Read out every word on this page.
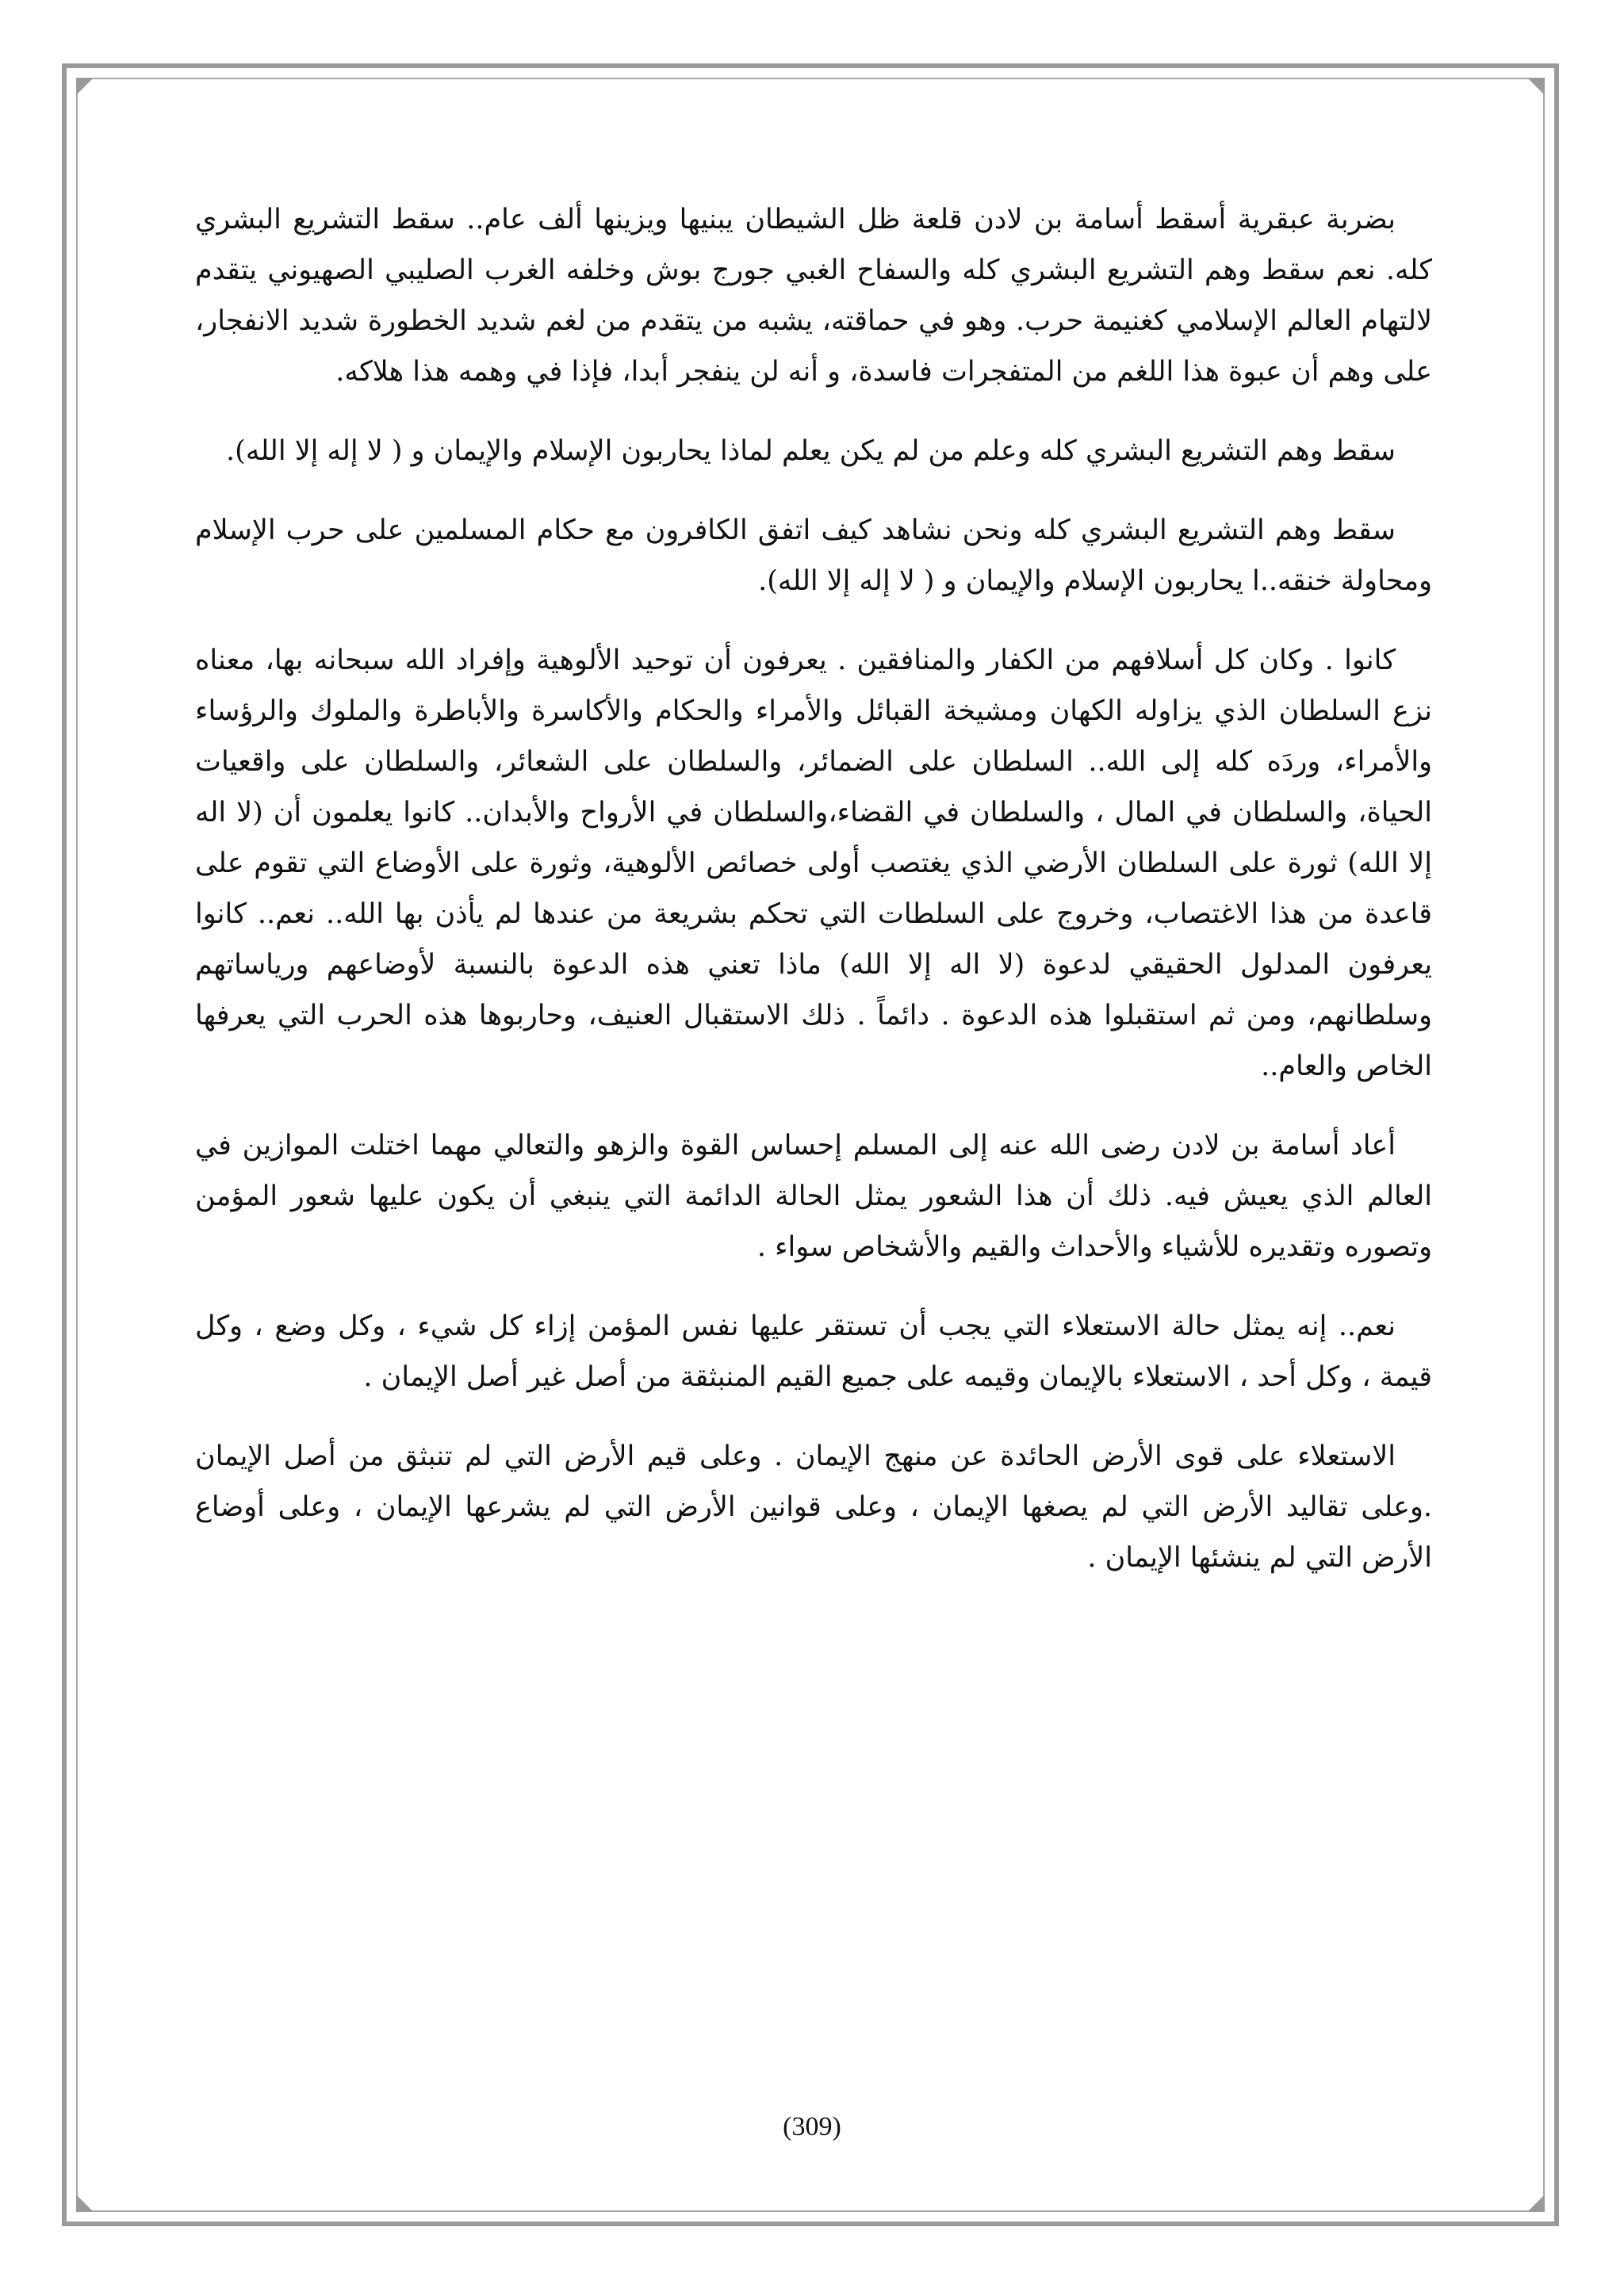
بضربة عبقرية أسقط أسامة بن لادن قلعة ظل الشيطان يبنيها ويزينها ألف عام.. سقط التشريع البشري كله. نعم سقط وهم التشريع البشري كله والسفاح الغبي جورج بوش وخلفه الغرب الصليبي الصهيوني يتقدم لالتهام العالم الإسلامي كغنيمة حرب. وهو في حماقته، يشبه من يتقدم من لغم شديد الخطورة شديد الانفجار، على وهم أن عبوة هذا اللغم من المتفجرات فاسدة، و أنه لن ينفجر أبدا، فإذا في وهمه هذا هلاكه.

سقط وهم التشريع البشري كله وعلم من لم يكن يعلم لماذا يحاربون الإسلام والإيمان و ( لا إله إلا الله).

سقط وهم التشريع البشري كله ونحن نشاهد كيف اتفق الكافرون مع حكام المسلمين على حرب الإسلام ومحاولة خنقه..ا يحاربون الإسلام والإيمان و ( لا إله إلا الله).

كانوا . وكان كل أسلافهم من الكفار والمنافقين . يعرفون أن توحيد الألوهية وإفراد الله سبحانه بها، معناه نزع السلطان الذي يزاوله الكهان ومشيخة القبائل والأمراء والحكام والأكاسرة والأباطرة والملوك والرؤساء والأمراء، وردَه كله إلى الله.. السلطان على الضمائر، والسلطان على الشعائر، والسلطان على واقعيات الحياة، والسلطان في المال ، والسلطان في القضاء،والسلطان في الأرواح والأبدان.. كانوا يعلمون أن (لا اله إلا الله) ثورة على السلطان الأرضي الذي يغتصب أولى خصائص الألوهية، وثورة على الأوضاع التي تقوم على قاعدة من هذا الاغتصاب، وخروج على السلطات التي تحكم بشريعة من عندها لم يأذن بها الله.. نعم.. كانوا يعرفون المدلول الحقيقي لدعوة (لا اله إلا الله) ماذا تعني هذه الدعوة بالنسبة لأوضاعهم ورياساتهم وسلطانهم، ومن ثم استقبلوا هذه الدعوة . دائماً . ذلك الاستقبال العنيف، وحاربوها هذه الحرب التي يعرفها الخاص والعام..

أعاد أسامة بن لادن رضى الله عنه إلى المسلم إحساس القوة والزهو والتعالي مهما اختلت الموازين في العالم الذي يعيش فيه. ذلك أن هذا الشعور يمثل الحالة الدائمة التي ينبغي أن يكون عليها شعور المؤمن وتصوره وتقديره للأشياء والأحداث والقيم والأشخاص سواء .

نعم.. إنه يمثل حالة الاستعلاء التي يجب أن تستقر عليها نفس المؤمن إزاء كل شيء ، وكل وضع ، وكل قيمة ، وكل أحد ، الاستعلاء بالإيمان وقيمه على جميع القيم المنبثقة من أصل غير أصل الإيمان .

الاستعلاء على قوى الأرض الحائدة عن منهج الإيمان . وعلى قيم الأرض التي لم تنبثق من أصل الإيمان .وعلى تقاليد الأرض التي لم يصغها الإيمان ، وعلى قوانين الأرض التي لم يشرعها الإيمان ، وعلى أوضاع الأرض التي لم ينشئها الإيمان .

(309)
